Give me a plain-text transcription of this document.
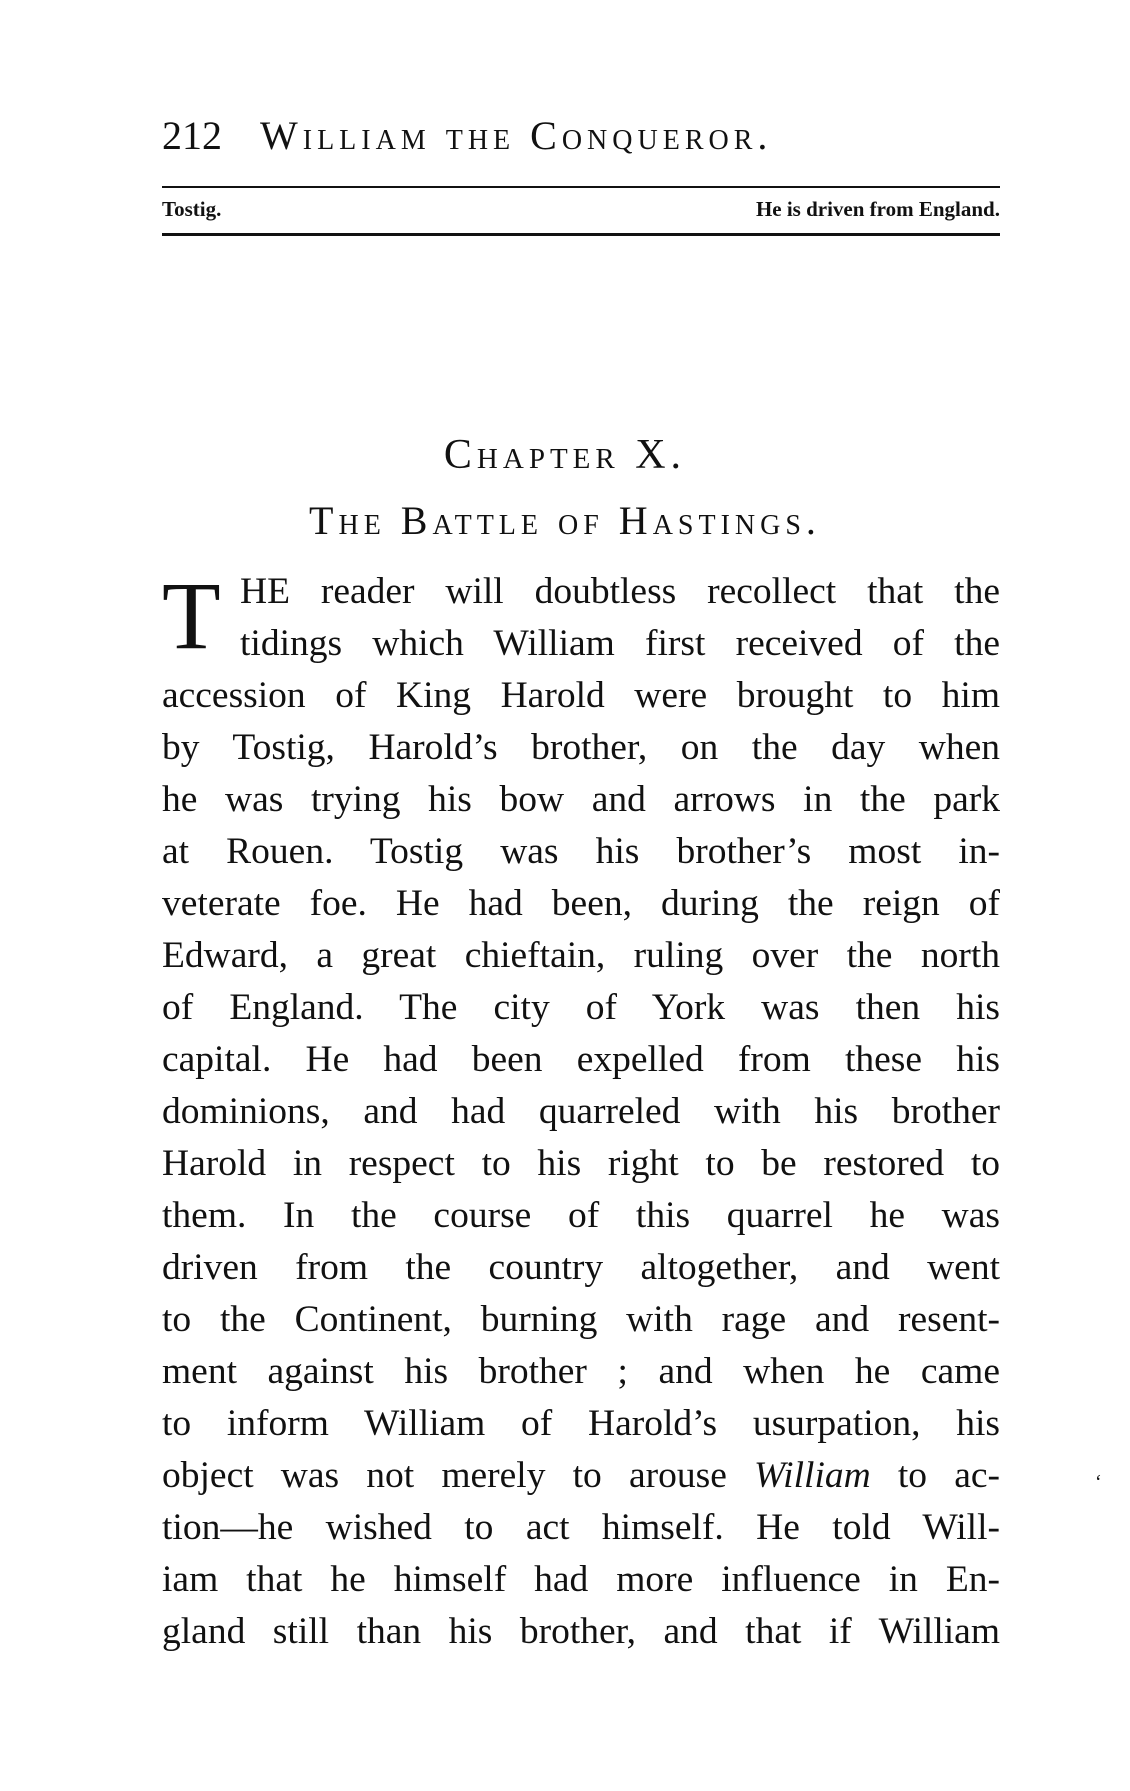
212 William the Conqueror.
Tostig.	He is driven from England.
Chapter X.
The Battle of Hastings.
T HE reader will doubtless recollect that the
tidings which William first received of the
accession of King Harold were brought to him
by Tostig, Harold’s brother, on the day when
he was trying his bow and arrows in the park
at Rouen. Tostig was his brother’s most in-
veterate foe. He had been, during the reign of
Edward, a great chieftain, ruling over the north
of England. The city of York was then his
capital. He had been expelled from these his
dominions, and had quarreled with his brother
Harold in respect to his right to be restored to
them. In the course of this quarrel he was
driven from the country altogether, and went
to the Continent, burning with rage and resent-
ment against his brother ; and when he came
to inform William of Harold’s usurpation, his
object was not merely to arouse William to ac-
tion—he wished to act himself. He told Will-
iam that he himself had more influence in En-
gland still than his brother, and that if William
‘
